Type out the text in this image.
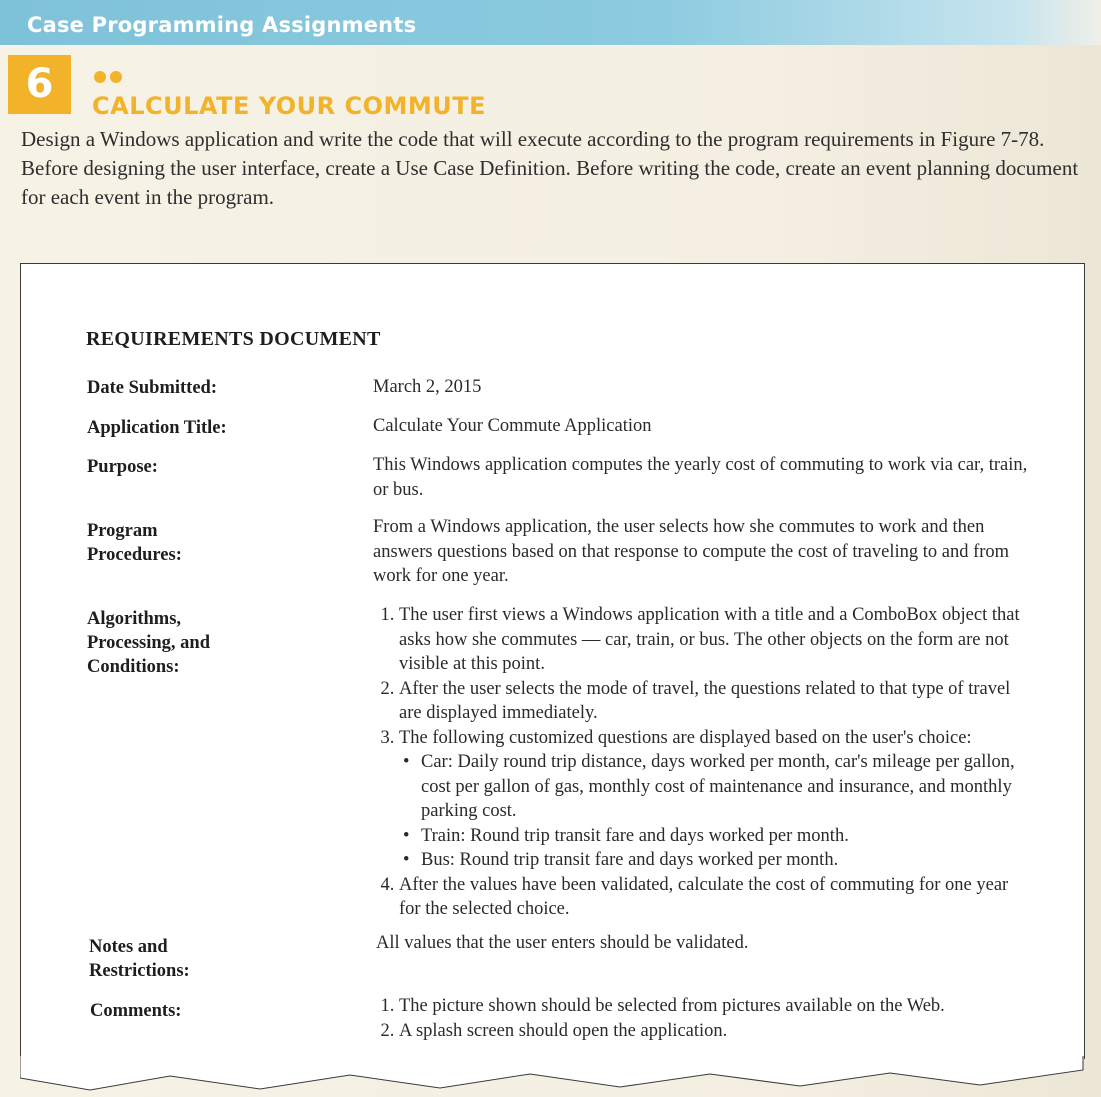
Case Programming Assignments
6	CALCULATE YOUR COMMUTE
Design a Windows application and write the code that will execute according to the program requirements in Figure 7-78. Before designing the user interface, create a Use Case Definition. Before writing the code, create an event planning document for each event in the program.
REQUIREMENTS DOCUMENT
Date Submitted:	March 2, 2015
Application Title:	Calculate Your Commute Application
Purpose:	This Windows application computes the yearly cost of commuting to work via car, train, or bus.
Program
Procedures:
From a Windows application, the user selects how she commutes to work and then answers questions based on that response to compute the cost of traveling to and from work for one year.
Algorithms,
Processing, and
Conditions:
1. The user first views a Windows application with a title and a ComboBox object that asks how she commutes — car, train, or bus. The other objects on the form are not visible at this point.
2. After the user selects the mode of travel, the questions related to that type of travel are displayed immediately.
3. The following customized questions are displayed based on the user's choice:
• Car: Daily round trip distance, days worked per month, car's mileage per gallon, cost per gallon of gas, monthly cost of maintenance and insurance, and monthly parking cost.
• Train: Round trip transit fare and days worked per month.
• Bus: Round trip transit fare and days worked per month.
4. After the values have been validated, calculate the cost of commuting for one year for the selected choice.
Notes and
Restrictions:
All values that the user enters should be validated.
Comments:
1.	The picture shown should be selected from pictures available on the Web.
2. A splash screen should open the application.
